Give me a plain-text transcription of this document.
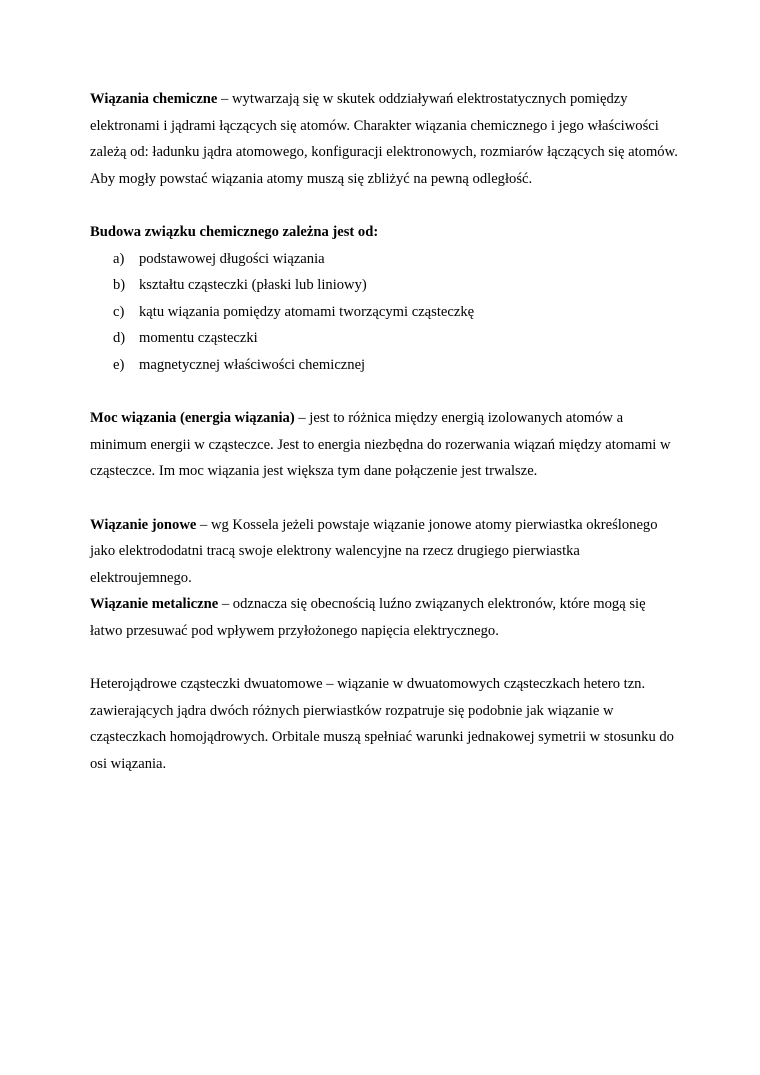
Wiązania chemiczne – wytwarzają się w skutek oddziaływań elektrostatycznych pomiędzy elektronami i jądrami łączących się atomów. Charakter wiązania chemicznego i jego właściwości zależą od: ładunku jądra atomowego, konfiguracji elektronowych, rozmiarów łączących się atomów. Aby mogły powstać wiązania atomy muszą się zbliżyć na pewną odległość.

Budowa związku chemicznego zależna jest od:

a)	podstawowej długości wiązania
b) kształtu cząsteczki (płaski lub liniowy)
c)	kątu wiązania pomiędzy atomami tworzącymi cząsteczkę
d) momentu cząsteczki
e)	magnetycznej właściwości chemicznej

Moc wiązania (energia wiązania) – jest to różnica między energią izolowanych atomów a minimum energii w cząsteczce. Jest to energia niezbędna do rozerwania wiązań między atomami w cząsteczce. Im moc wiązania jest większa tym dane połączenie jest trwalsze.

Wiązanie jonowe – wg Kossela jeżeli powstaje wiązanie jonowe atomy pierwiastka określonego jako elektrododatni tracą swoje elektrony walencyjne na rzecz drugiego pierwiastka elektroujemnego.

Wiązanie metaliczne – odznacza się obecnością luźno związanych elektronów, które mogą się łatwo przesuwać pod wpływem przyłożonego napięcia elektrycznego.

Heterojądrowe cząsteczki dwuatomowe – wiązanie w dwuatomowych cząsteczkach hetero tzn. zawierających jądra dwóch różnych pierwiastków rozpatruje się podobnie jak wiązanie w cząsteczkach homojądrowych. Orbitale muszą spełniać warunki jednakowej symetrii w stosunku do osi wiązania.
